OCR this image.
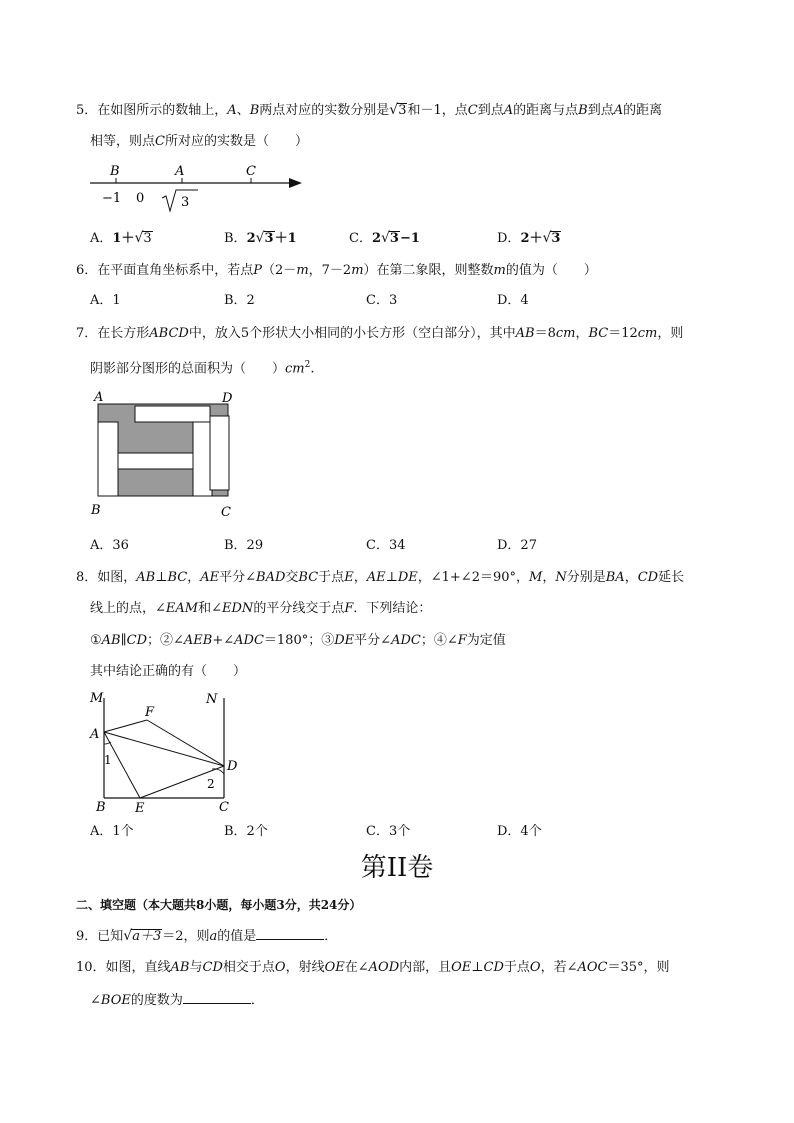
5．在如图所示的数轴上，A、B两点对应的实数分别是√3和－1，点C到点A的距离与点B到点A的距离
相等，则点C所对应的实数是（　　）
B	A	C
−1 0	3
A．1＋√3	B．2√3＋1	C．2√3−1	D．2＋√3
6．在平面直角坐标系中，若点P（2－m，7－2m）在第二象限，则整数m的值为（　　）
A．1	B．2	C．3	D．4
7．在长方形ABCD中，放入5个形状大小相同的小长方形（空白部分），其中AB＝8cm，BC＝12cm，则
阴影部分图形的总面积为（　　）$cm^2$.
A	D
B	C
A．36	B．29	C．34	D．27
8．如图，AB⊥BC，AE平分∠BAD交BC于点E，AE⊥DE，∠1+∠2＝90°，M，N分别是BA，CD延长
线上的点，∠EAM和∠EDN的平分线交于点F．下列结论：
①AB∥CD；②∠AEB+∠ADC＝180°；③DE平分∠ADC；④∠F为定值
其中结论正确的有（　　）
M	N
F
A
D
1
2
B E	C
A．1个	B．2个	C．3个	D．4个
第II卷
二、填空题（本大题共8小题，每小题3分，共24分）
9．已知√a＋3＝2，则a的值是	．
10．如图，直线AB与CD相交于点O，射线OE在∠AOD内部，且OE⊥CD于点O，若∠AOC＝35°，则
∠BOE的度数为	．
